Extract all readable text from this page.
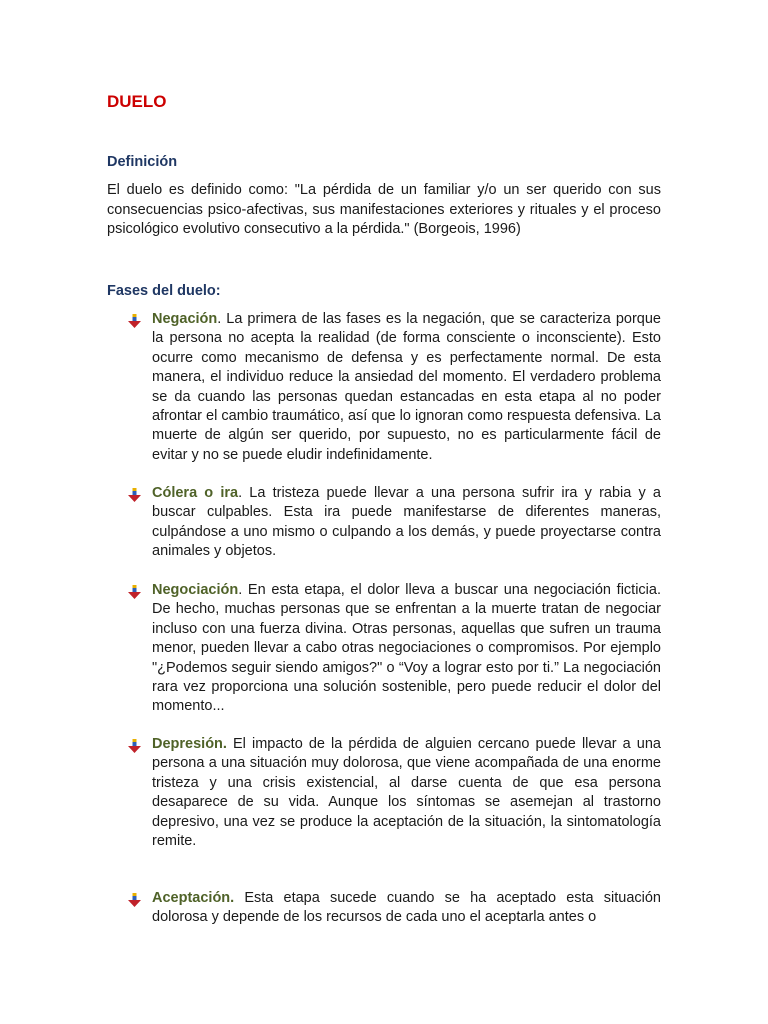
DUELO
Definición

El duelo es definido como: "La pérdida de un familiar y/o un ser querido con sus consecuencias psico-afectivas, sus manifestaciones exteriores y rituales y el proceso psicológico evolutivo consecutivo a la pérdida." (Borgeois, 1996)

Fases del duelo:

Negación. La primera de las fases es la negación, que se caracteriza porque la persona no acepta la realidad (de forma consciente o inconsciente). Esto ocurre como mecanismo de defensa y es perfectamente normal. De esta manera, el individuo reduce la ansiedad del momento. El verdadero problema se da cuando las personas quedan estancadas en esta etapa al no poder afrontar el cambio traumático, así que lo ignoran como respuesta defensiva. La muerte de algún ser querido, por supuesto, no es particularmente fácil de evitar y no se puede eludir indefinidamente.

Cólera o ira. La tristeza puede llevar a una persona sufrir ira y rabia y a buscar culpables. Esta ira puede manifestarse de diferentes maneras, culpándose a uno mismo o culpando a los demás, y puede proyectarse contra animales y objetos.

Negociación. En esta etapa, el dolor lleva a buscar una negociación ficticia. De hecho, muchas personas que se enfrentan a la muerte tratan de negociar incluso con una fuerza divina. Otras personas, aquellas que sufren un trauma menor, pueden llevar a cabo otras negociaciones o compromisos. Por ejemplo "¿Podemos seguir siendo amigos?" o “Voy a lograr esto por ti.” La negociación rara vez proporciona una solución sostenible, pero puede reducir el dolor del momento...

Depresión. El impacto de la pérdida de alguien cercano puede llevar a una persona a una situación muy dolorosa, que viene acompañada de una enorme tristeza y una crisis existencial, al darse cuenta de que esa persona desaparece de su vida. Aunque los síntomas se asemejan al trastorno depresivo, una vez se produce la aceptación de la situación, la sintomatología remite.

Aceptación. Esta etapa sucede cuando se ha aceptado esta situación dolorosa y depende de los recursos de cada uno el aceptarla antes o
